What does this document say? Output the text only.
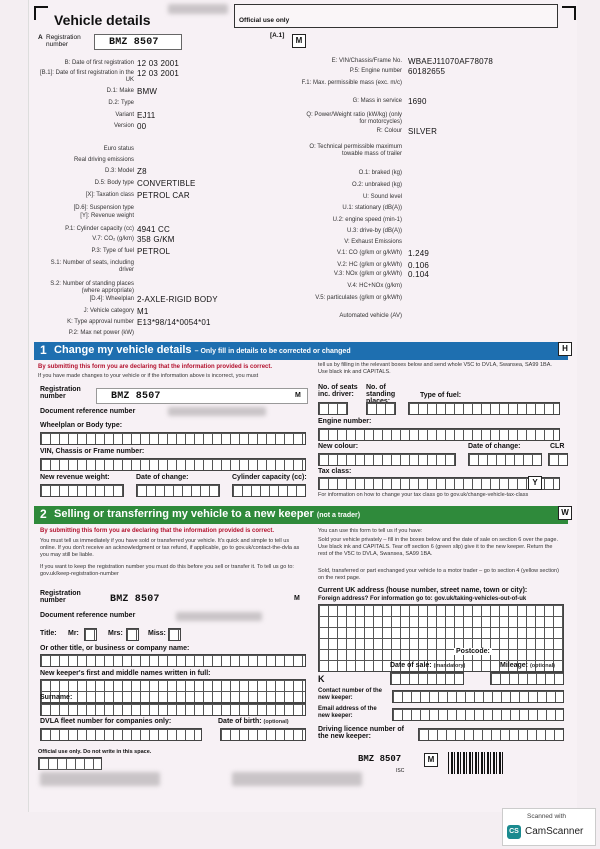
Vehicle details	Official use only
[A.1]
M
A Registration number	BMZ 8507
B: Date of first registration 12 03 2001
[B.1]: Date of first registration in the UK
12 03 2001
D.1: Make BMW
D.2: Type
Variant EJ11
Version 00
Euro status
Real driving emissions
D.3: Model Z8
D.5: Body type CONVERTIBLE
[X]: Taxation class PETROL CAR
[D.6]: Suspension type
[Y]: Revenue weight
P.1: Cylinder capacity (cc) 4941 CC
V.7: CO₂ (g/km) 358 G/KM
P.3: Type of fuel PETROL
S.1: Number of seats, including driver
S.2: Number of standing places (where appropriate)
[D.4]: Wheelplan 2-AXLE-RIGID BODY
J: Vehicle category M1
K: Type approval number E13*98/14*0054*01
P.2: Max net power (kW)
E: VIN/Chassis/Frame No. WBAEJ11070AF78078
P.5: Engine number 60182655
F.1: Max. permissible mass (exc. m/c)
G: Mass in service 1690
Q: Power/Weight ratio (kW/kg) (only for motorcycles)
R: Colour SILVER
O: Technical permissible maximum towable mass of trailer
O.1: braked (kg)
O.2: unbraked (kg)
U: Sound level
U.1: stationary (dB(A))
U.2: engine speed (min-1)
U.3: drive-by (dB(A))
V: Exhaust Emissions
V.1: CO (g/km or g/kWh) 1.249
V.2: HC (g/km or g/kWh) 0.106
V.3: NOx (g/km or g/kWh) 0.104
V.4: HC+NOx (g/km)
V.5: particulates (g/km or g/kWh)
Automated vehicle (AV)
1 Change my vehicle details – Only fill in details to be corrected or changed	H
By submitting this form you are declaring that the information provided is correct.
If you have made changes to your vehicle or if the information above is incorrect, you must
tell us by filling in the relevant boxes below and send whole V5C to DVLA, Swansea, SA99 1BA. Use black ink and CAPITALS.
Registration number	BMZ 8507	M
Document reference number
Wheelplan or Body type:
VIN, Chassis or Frame number:
New revenue weight:	Date of change:	Cylinder capacity (cc):
No. of seats inc. driver:
No. of standing	Type of fuel:
Engine number:
New colour:	Date of change:	CLR
Tax class:
Y
For information on how to change your tax class go to gov.uk/change-vehicle-tax-class
2 Selling or transferring my vehicle to a new keeper (not a trader)	W
By submitting this form you are declaring that the information provided is correct.
You must tell us immediately if you have sold or transferred your vehicle. It's quick and simple to tell us online. If you don't receive an acknowledgment or tax refund, if applicable, go to gov.uk/contact-the-dvla as you may still be liable.
If you want to keep the registration number you must do this before you sell or transfer it. To tell us go to: gov.uk/keep-registration-number
You can use this form to tell us if you have:
Sold your vehicle privately – fill in the boxes below and the date of sale on section 6 over the page. Use black ink and CAPITALS. Tear off section 6 (green slip) give it to the new keeper. Return the rest of the V5C to DVLA, Swansea, SA99 1BA.
Sold, transferred or part exchanged your vehicle to a motor trader – go to section 4 (yellow section) on the next page.
Registration number	BMZ 8507	M
Document reference number
Title: Mr:	Mrs:	Miss:
Or other title, or business or company name:
New keeper's first and middle names written in full:
Surname:
DVLA fleet number for companies only:	Date of birth: (optional)
Current UK address (house number, street name, town or city):
Foreign address? For information go to: gov.uk/taking-vehicles-out-of-uk
Postcode:
K
Date of sale: (mandatory)	Mileage: (optional)
Contact number of the new keeper:
Email address of the new keeper:
Driving licence number of the new keeper:
Official use only. Do not write in this space.
BMZ 8507	M
ISC
Scanned with
CS CamScanner
